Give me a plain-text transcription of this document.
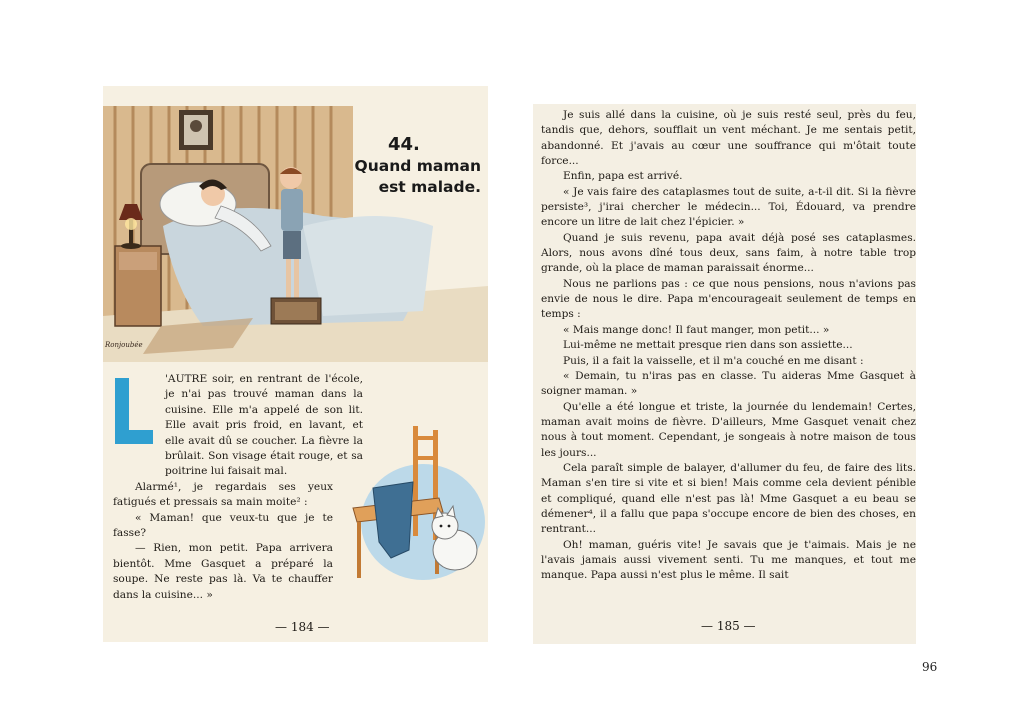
44.
Quand maman
est malade.
Ronjoubée

'AUTRE soir, en rentrant de l'école, je n'ai pas trouvé maman dans la cuisine. Elle m'a appelé de son lit. Elle avait pris froid, en lavant, et elle avait dû se coucher. La fièvre la brûlait. Son visage était rouge, et sa poitrine lui faisait mal.

Alarmé¹, je regardais ses yeux fatigués et pressais sa main moite² :

« Maman! que veux-tu que je te fasse?

— Rien, mon petit. Papa arrivera bientôt. Mme Gasquet a préparé la soupe. Ne reste pas là. Va te chauffer dans la cuisine... »

— 184 —

Je suis allé dans la cuisine, où je suis resté seul, près du feu, tandis que, dehors, soufflait un vent méchant. Je me sentais petit, abandonné. Et j'avais au cœur une souffrance qui m'ôtait toute force...

Enfin, papa est arrivé.

« Je vais faire des cataplasmes tout de suite, a-t-il dit. Si la fièvre persiste³, j'irai chercher le médecin... Toi, Édouard, va prendre encore un litre de lait chez l'épicier. »

Quand je suis revenu, papa avait déjà posé ses cataplasmes. Alors, nous avons dîné tous deux, sans faim, à notre table trop grande, où la place de maman paraissait énorme...

Nous ne parlions pas : ce que nous pensions, nous n'avions pas envie de nous le dire. Papa m'encourageait seulement de temps en temps :

« Mais mange donc! Il faut manger, mon petit... »

Lui-même ne mettait presque rien dans son assiette...

Puis, il a fait la vaisselle, et il m'a couché en me disant :

« Demain, tu n'iras pas en classe. Tu aideras Mme Gasquet à soigner maman. »

Qu'elle a été longue et triste, la journée du lendemain! Certes, maman avait moins de fièvre. D'ailleurs, Mme Gasquet venait chez nous à tout moment. Cependant, je songeais à notre maison de tous les jours...

Cela paraît simple de balayer, d'allumer du feu, de faire des lits. Maman s'en tire si vite et si bien! Mais comme cela devient pénible et compliqué, quand elle n'est pas là! Mme Gasquet a eu beau se démener⁴, il a fallu que papa s'occupe encore de bien des choses, en rentrant...

Oh! maman, guéris vite! Je savais que je t'aimais. Mais je ne l'avais jamais aussi vivement senti. Tu me manques, et tout me manque. Papa aussi n'est plus le même. Il sait

— 185 —
96
